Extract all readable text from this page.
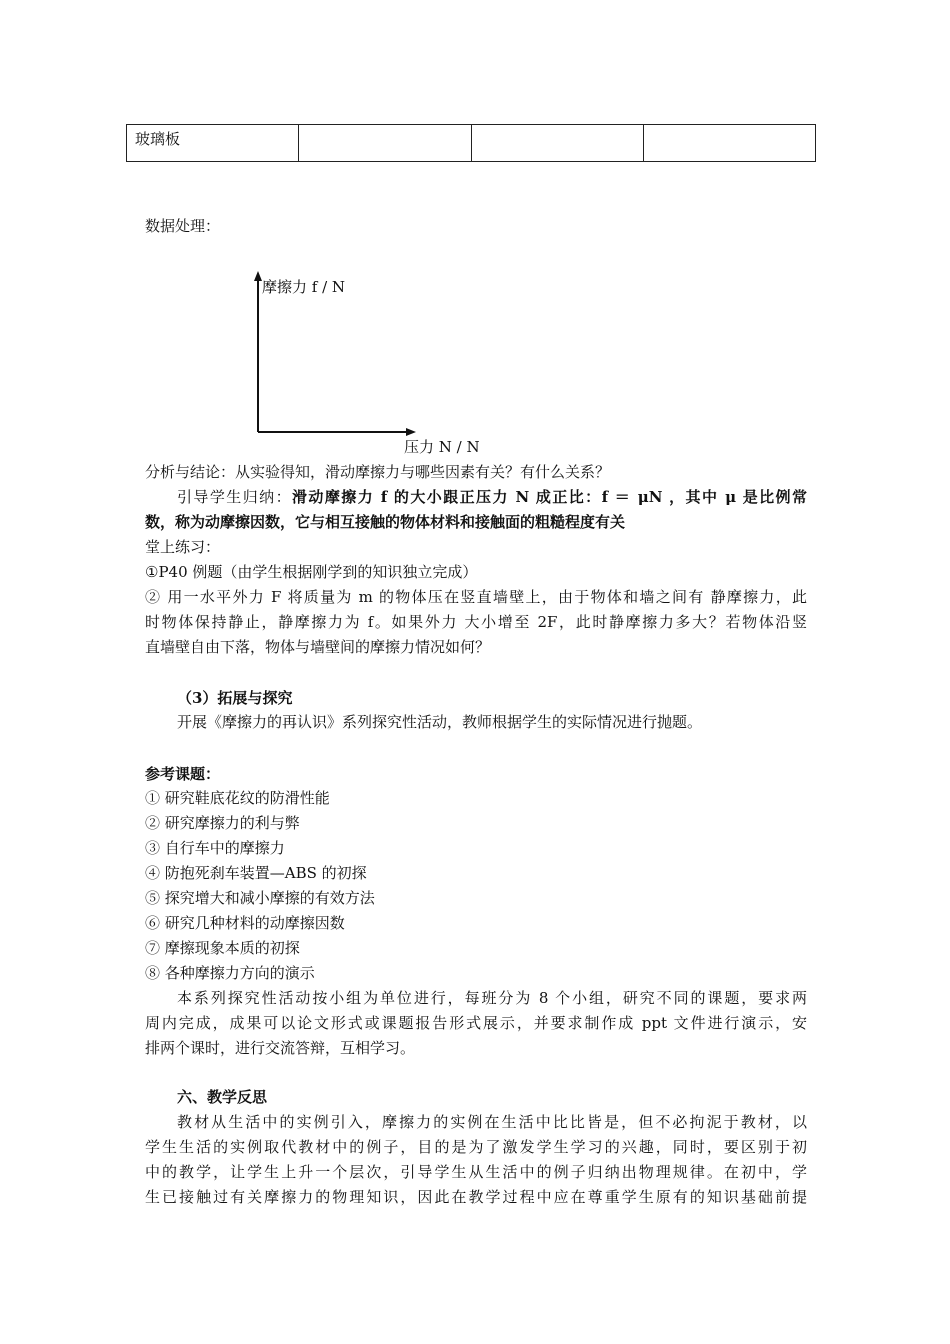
玻璃板			
数据处理：
摩擦力 f / N
压力 N / N
分析与结论：从实验得知，滑动摩擦力与哪些因素有关？有什么关系？
引导学生归纳：滑动摩擦力 f 的大小跟正压力 N 成正比：f ＝ μN ，其中 μ 是比例常
数，称为动摩擦因数，它与相互接触的物体材料和接触面的粗糙程度有关
堂上练习：
①P40 例题（由学生根据刚学到的知识独立完成）
② 用一水平外力 F 将质量为 m 的物体压在竖直墙壁上，由于物体和墙之间有 静摩擦力，此
时物体保持静止，静摩擦力为 f。如果外力 大小增至 2F，此时静摩擦力多大？若物体沿竖
直墙壁自由下落，物体与墙壁间的摩擦力情况如何？
（3）拓展与探究
开展《摩擦力的再认识》系列探究性活动，教师根据学生的实际情况进行抛题。
参考课题：
① 研究鞋底花纹的防滑性能
② 研究摩擦力的利与弊
③ 自行车中的摩擦力
④ 防抱死刹车装置—ABS 的初探
⑤ 探究增大和减小摩擦的有效方法
⑥ 研究几种材料的动摩擦因数
⑦ 摩擦现象本质的初探
⑧ 各种摩擦力方向的演示
本系列探究性活动按小组为单位进行，每班分为 8 个小组，研究不同的课题，要求两
周内完成，成果可以论文形式或课题报告形式展示，并要求制作成 ppt 文件进行演示，安
排两个课时，进行交流答辩，互相学习。
六、教学反思
教材从生活中的实例引入，摩擦力的实例在生活中比比皆是，但不必拘泥于教材，以
学生生活的实例取代教材中的例子，目的是为了激发学生学习的兴趣，同时，要区别于初
中的教学，让学生上升一个层次，引导学生从生活中的例子归纳出物理规律。在初中，学
生已接触过有关摩擦力的物理知识，因此在教学过程中应在尊重学生原有的知识基础前提
